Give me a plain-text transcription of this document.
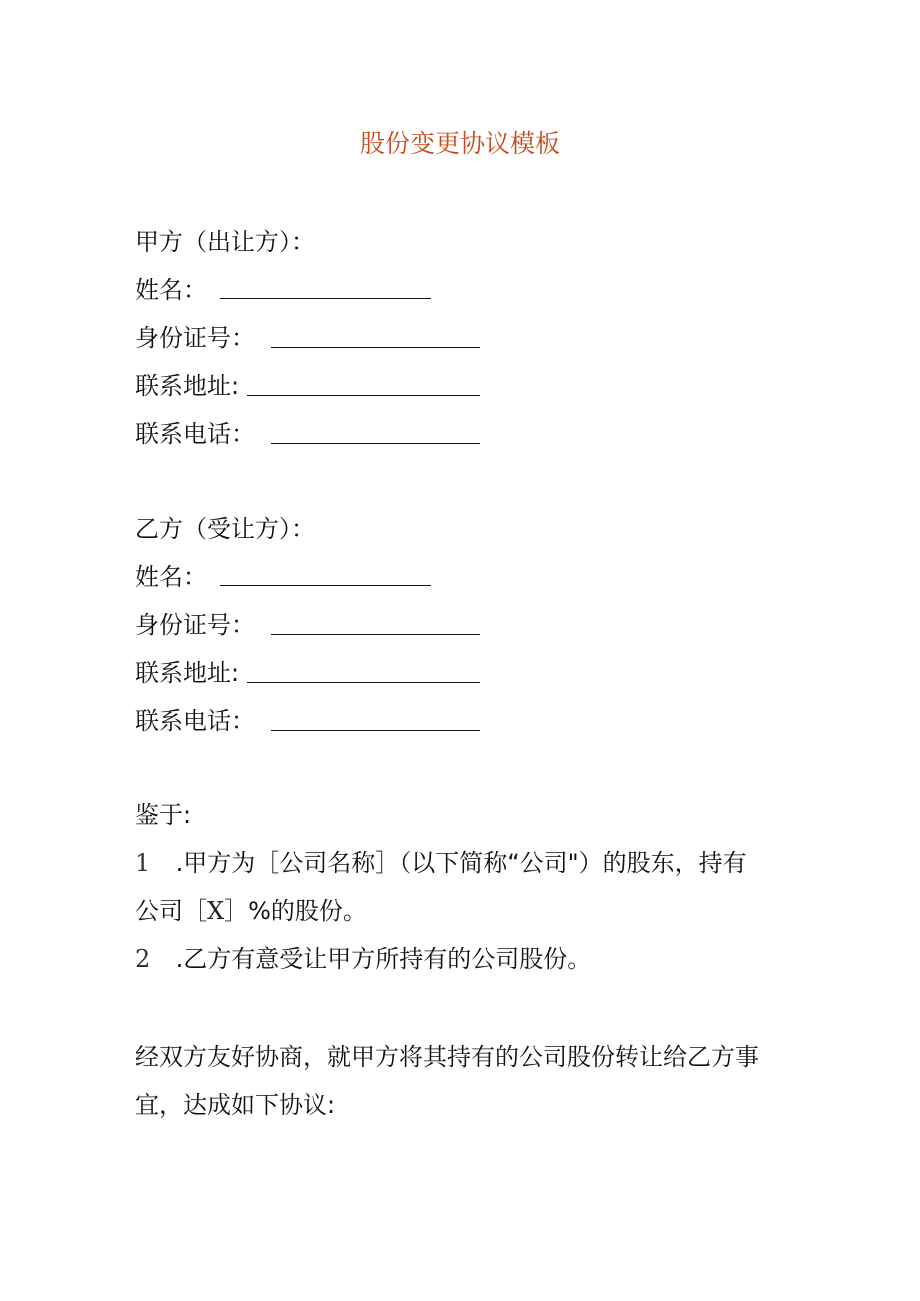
股份变更协议模板
甲方（出让方）：
姓名：
身份证号：
联系地址:
联系电话：
乙方（受让方）：
姓名：
身份证号：
联系地址:
联系电话：
鉴于:
1 .甲方为［公司名称］（以下简称“公司"）的股东，持有
公司［X］%的股份。
2 .乙方有意受让甲方所持有的公司股份。
经双方友好协商，就甲方将其持有的公司股份转让给乙方事
宜，达成如下协议:
